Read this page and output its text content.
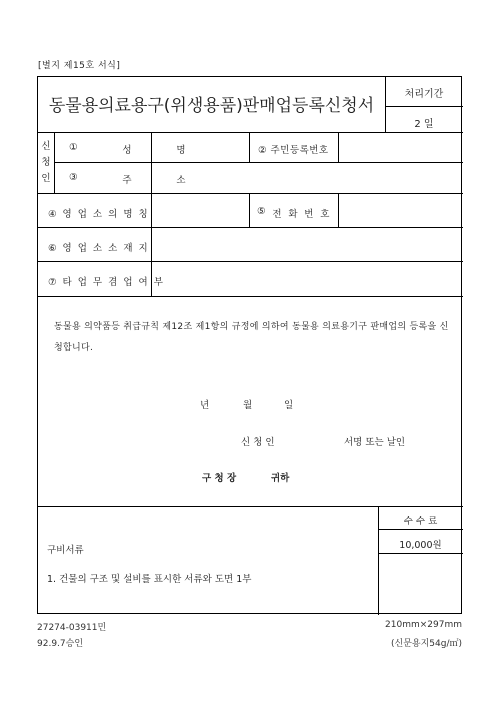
[별지 제15호 서식]
동물용의료용구(위생용품)판매업등록신청서
처리기간
2 일
신
청
인
①	성	명	② 주민등록번호
③	주	소
④ 영 업 소 의 명 칭	⑤ 전 화 번 호
⑥ 영 업 소 소 재 지
⑦ 타 업 무 겸 업 여 부
동물용 의약품등 취급규칙 제12조 제1항의 규정에 의하여 동물용 의료용기구 판매업의 등록을 신청합니다.
년	월	일
신 청 인	서명 또는 날인
구 청 장	귀하
수 수 료
10,000원
구비서류
1. 건물의 구조 및 설비를 표시한 서류와 도면 1부
27274-03911민
92.9.7승인
210mm×297mm
(신문용지54g/㎡)
